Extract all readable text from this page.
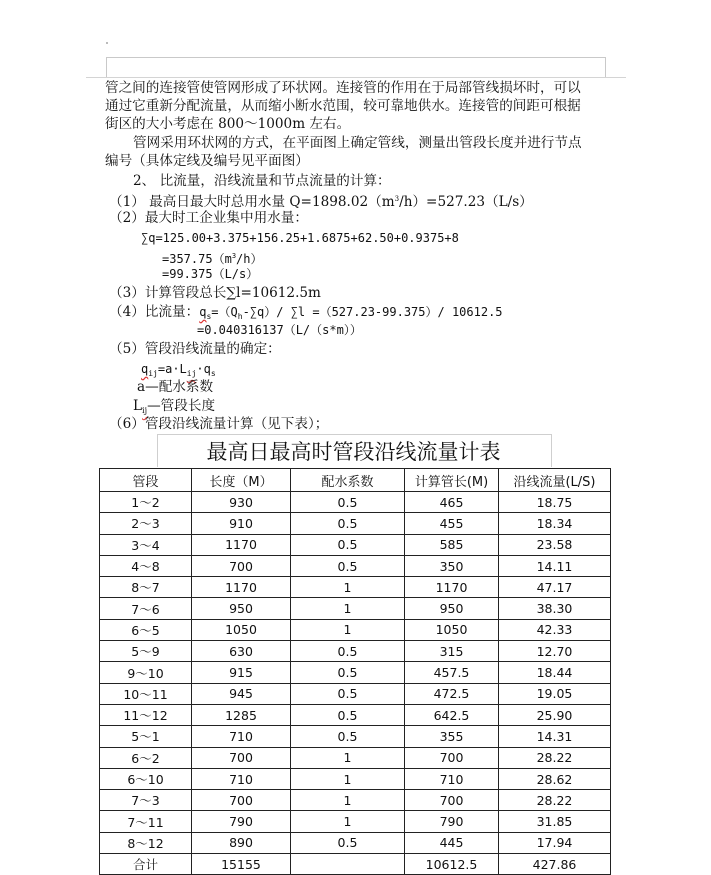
管之间的连接管使管网形成了环状网。连接管的作用在于局部管线损坏时，可以
通过它重新分配流量，从而缩小断水范围，较可靠地供水。连接管的间距可根据
街区的大小考虑在 800～1000m 左右。
管网采用环状网的方式，在平面图上确定管线，测量出管段长度并进行节点
编号（具体定线及编号见平面图）
2、 比流量，沿线流量和节点流量的计算：
（1） 最高日最大时总用水量 $Q=1898.02(m^3/h)=527.23(L/s)$
（2）最大时工企业集中用水量：
∑q=125.00+3.375+156.25+1.6875+62.50+0.9375+8
$=357.75(m^3/h)$
=99.375（L/s）
（3）计算管段总长∑l=10612.5m
（4）比流量：$q_s=(Q_h-\sum q)/$ ∑l =（527.23-99.375）/ 10612.5
=0.040316137（L/（s*m））
（5）管段沿线流量的确定：
$q_{ij}=a\cdot L_{ij}\cdot q_s$
a—配水系数
$L_{ij}—$管段长度
（6）管段沿线流量计算（见下表）；
最高日最高时管段沿线流量计表
管段	长度（M）	配水系数	计算管长(M)	沿线流量(L/S)
1～2	930	0.5	465	18.75
2～3	910	0.5	455	18.34
3～4	1170	0.5	585	23.58
4～8	700	0.5	350	14.11
8～7	1170	1	1170	47.17
7～6	950	1	950	38.30
6～5	1050	1	1050	42.33
5～9	630	0.5	315	12.70
9～10	915	0.5	457.5	18.44
10～11	945	0.5	472.5	19.05
11～12	1285	0.5	642.5	25.90
5～1	710	0.5	355	14.31
6～2	700	1	700	28.22
6～10	710	1	710	28.62
7～3	700	1	700	28.22
7～11	790	1	790	31.85
8～12	890	0.5	445	17.94
合计	15155		10612.5	427.86
